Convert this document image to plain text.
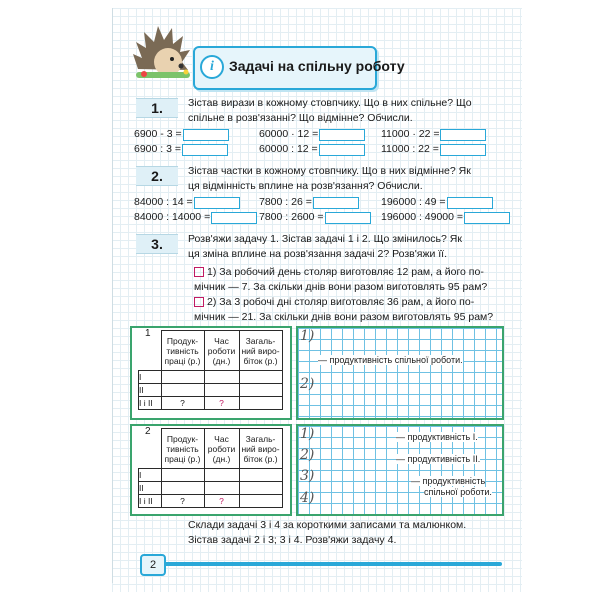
i	Задачі на спільну роботу
1.	Зістав вирази в кожному стовпчику. Що в них спільне? Що
спільне в розв'язанні? Що відмінне? Обчисли.
6900 - 3 =	60000 · 12 =	11000 · 22 =
6900 : 3 =	60000 : 12 =	11000 : 22 =
2.	Зістав частки в кожному стовпчику. Що в них відмінне? Як
ця відмінність вплине на розв'язання? Обчисли.
84000 : 14 =	7800 : 26 =	196000 : 49 =
84000 : 14000 =	7800 : 2600 =	196000 : 49000 =
3.	Розв'яжи задачу 1. Зістав задачі 1 і 2. Що змінилось? Як
ця зміна вплине на розв'язання задачі 2? Розв'яжи її.
1) За робочий день столяр виготовляє 12 рам, а його по-
мічник — 7. За скільки днів вони разом виготовлять 95 рам?
2) За 3 робочі дні столяр виготовляє 36 рам, а його по-
мічник — 21. За скільки днів вони разом виготовлять 95 рам?
1
	Продук-тивність праці (р.)	Час роботи (дн.)	Загаль-ний виро-біток (р.)
І			
ІІ			
І і ІІ	?	?	
1)
2)
— продуктивність спільної роботи.
2
	Продук-тивність праці (р.)	Час роботи (дн.)	Загаль-ний виро-біток (р.)
І			
ІІ			
І і ІІ	?	?	
1)
2)
3)
4)
— продуктивність І.
— продуктивність ІІ.
— продуктивність
спільної роботи.
Склади задачі 3 і 4 за короткими записами та малюнком.
Зістав задачі 2 і 3; 3 і 4. Розв'яжи задачу 4.
2
